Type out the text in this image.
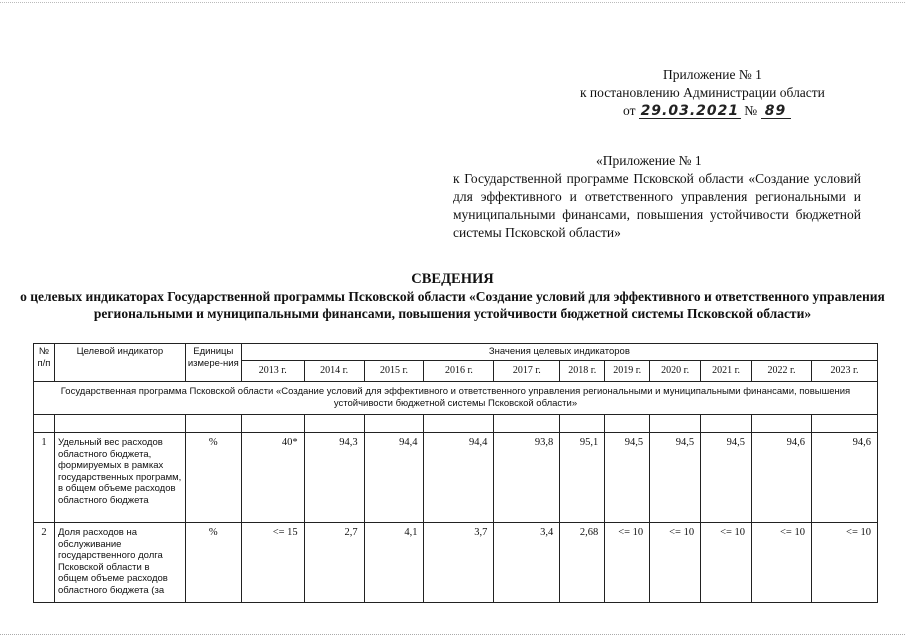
Приложение № 1
к постановлению Администрации области
от 29.03.2021 № 89
«Приложение № 1
к Государственной программе Псковской области «Создание условий для эффективного и ответственного управления региональными и муниципальными финансами, повышения устойчивости бюджетной системы Псковской области»
СВЕДЕНИЯ
о целевых индикаторах Государственной программы Псковской области «Создание условий для эффективного и ответственного управления региональными и муниципальными финансами, повышения устойчивости бюджетной системы Псковской области»
№ п/п	Целевой индикатор	Единицы измере-ния	Значения целевых индикаторов										
			2013 г.	2014 г.	2015 г.	2016 г.	2017 г.	2018 г.	2019 г.	2020 г.	2021 г.	2022 г.	2023 г.
Государственная программа Псковской области «Создание условий для эффективного и ответственного управления региональными и муниципальными финансами, повышения устойчивости бюджетной системы Псковской области»													

1	Удельный вес расходов областного бюджета, формируемых в рамках государственных программ, в общем объеме расходов областного бюджета	%	40*	94,3	94,4	94,4	93,8	95,1	94,5	94,5	94,5	94,6	94,6
2	Доля расходов на обслуживание государственного долга Псковской области в общем объеме расходов областного бюджета (за	%	<= 15	2,7	4,1	3,7	3,4	2,68	<= 10	<= 10	<= 10	<= 10	<= 10
